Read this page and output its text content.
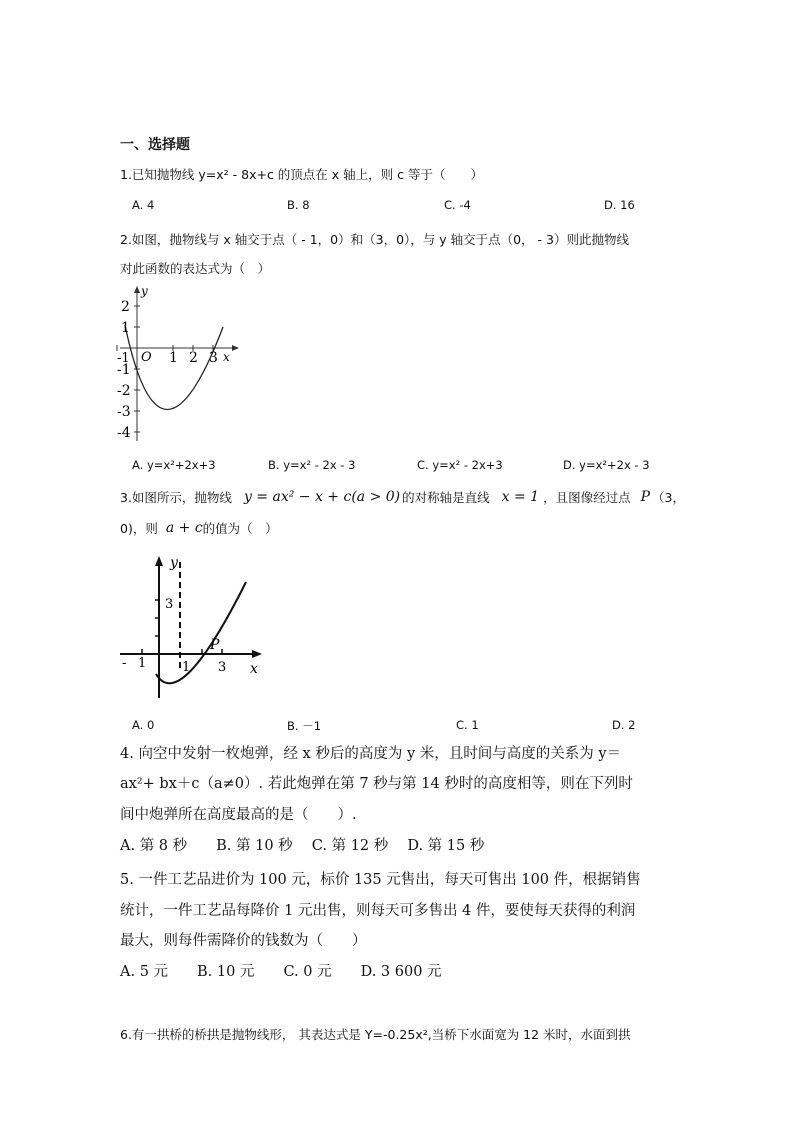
一、选择题
1.已知抛物线 y=x² - 8x+c 的顶点在 x 轴上，则 c 等于（　　）
A. 4	B. 8	C. -4	D. 16
2.如图，抛物线与 x 轴交于点（ - 1，0）和（3，0），与 y 轴交于点（0， - 3）则此抛物线
对此函数的表达式为（　）
y
x
O
2
1
-1
-2
-3
-4
-1	1 2 3
A. y=x²+2x+3	B. y=x² - 2x - 3	C. y=x² - 2x+3	D. y=x²+2x - 3
3.如图所示，抛物线 y = ax² − x + c(a > 0) 的对称轴是直线 x = 1 ，且图像经过点 P （3，
0)，则 a + c 的值为（　）
y
x
P
3
- 1	1 3
A. 0	B. －1	C. 1	D. 2
4. 向空中发射一枚炮弹，经 x 秒后的高度为 y 米，且时间与高度的关系为 y＝
ax²+ bx＋c（a≠0）. 若此炮弹在第 7 秒与第 14 秒时的高度相等，则在下列时
间中炮弹所在高度最高的是（　　）.
A. 第 8 秒　　B. 第 10 秒　 C. 第 12 秒　 D. 第 15 秒
5. 一件工艺品进价为 100 元，标价 135 元售出，每天可售出 100 件，根据销售
统计，一件工艺品每降价 1 元出售，则每天可多售出 4 件，要使每天获得的利润
最大，则每件需降价的钱数为（　　）
A. 5 元　　B. 10 元　　C. 0 元　　D. 3 600 元
6.有一拱桥的桥拱是抛物线形， 其表达式是 Y=-0.25x²,当桥下水面宽为 12 米时，水面到拱
